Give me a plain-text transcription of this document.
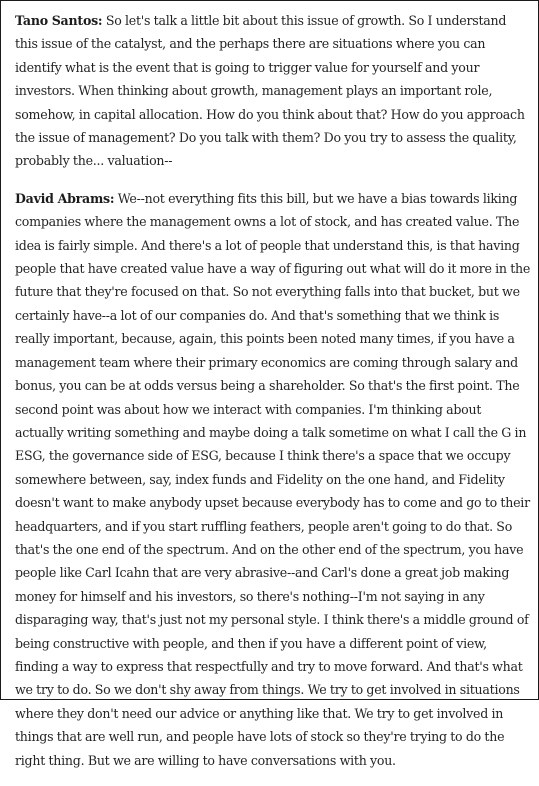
Tano Santos: So let's talk a little bit about this issue of growth. So I understand this issue of the catalyst, and the perhaps there are situations where you can identify what is the event that is going to trigger value for yourself and your investors. When thinking about growth, management plays an important role, somehow, in capital allocation. How do you think about that? How do you approach the issue of management? Do you talk with them? Do you try to assess the quality, probably the... valuation--

David Abrams: We--not everything fits this bill, but we have a bias towards liking companies where the management owns a lot of stock, and has created value. The idea is fairly simple. And there's a lot of people that understand this, is that having people that have created value have a way of figuring out what will do it more in the future that they're focused on that. So not everything falls into that bucket, but we certainly have--a lot of our companies do. And that's something that we think is really important, because, again, this points been noted many times, if you have a management team where their primary economics are coming through salary and bonus, you can be at odds versus being a shareholder. So that's the first point. The second point was about how we interact with companies. I'm thinking about actually writing something and maybe doing a talk sometime on what I call the G in ESG, the governance side of ESG, because I think there's a space that we occupy somewhere between, say, index funds and Fidelity on the one hand, and Fidelity doesn't want to make anybody upset because everybody has to come and go to their headquarters, and if you start ruffling feathers, people aren't going to do that. So that's the one end of the spectrum. And on the other end of the spectrum, you have people like Carl Icahn that are very abrasive--and Carl's done a great job making money for himself and his investors, so there's nothing--I'm not saying in any disparaging way, that's just not my personal style. I think there's a middle ground of being constructive with people, and then if you have a different point of view, finding a way to express that respectfully and try to move forward. And that's what we try to do. So we don't shy away from things. We try to get involved in situations where they don't need our advice or anything like that. We try to get involved in things that are well run, and people have lots of stock so they're trying to do the right thing. But we are willing to have conversations with you.
